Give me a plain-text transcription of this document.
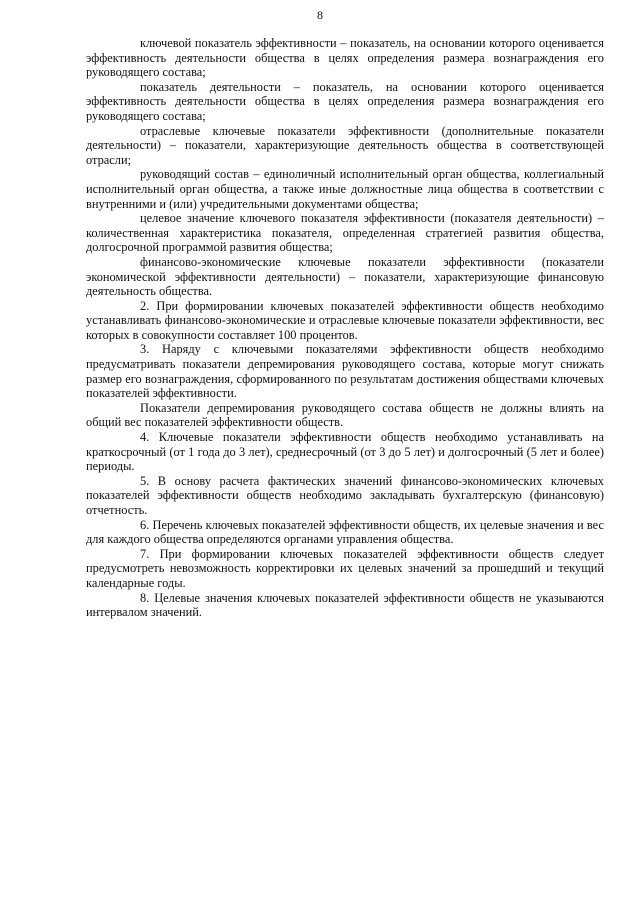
8

ключевой показатель эффективности – показатель, на основании которого оценивается эффективность деятельности общества в целях определения размера вознаграждения его руководящего состава;

показатель деятельности – показатель, на основании которого оценивается эффективность деятельности общества в целях определения размера вознаграждения его руководящего состава;

отраслевые ключевые показатели эффективности (дополнительные показатели деятельности) – показатели, характеризующие деятельность общества в соответствующей отрасли;

руководящий состав – единоличный исполнительный орган общества, коллегиальный исполнительный орган общества, а также иные должностные лица общества в соответствии с внутренними и (или) учредительными документами общества;

целевое значение ключевого показателя эффективности (показателя деятельности) – количественная характеристика показателя, определенная стратегией развития общества, долгосрочной программой развития общества;

финансово-экономические ключевые показатели эффективности (показатели экономической эффективности деятельности) – показатели, характеризующие финансовую деятельность общества.

2. При формировании ключевых показателей эффективности обществ необходимо устанавливать финансово-экономические и отраслевые ключевые показатели эффективности, вес которых в совокупности составляет 100 процентов.

3. Наряду с ключевыми показателями эффективности обществ необходимо предусматривать показатели депремирования руководящего состава, которые могут снижать размер его вознаграждения, сформированного по результатам достижения обществами ключевых показателей эффективности.

Показатели депремирования руководящего состава обществ не должны влиять на общий вес показателей эффективности обществ.

4. Ключевые показатели эффективности обществ необходимо устанавливать на краткосрочный (от 1 года до 3 лет), среднесрочный (от 3 до 5 лет) и долгосрочный (5 лет и более) периоды.

5. В основу расчета фактических значений финансово-экономических ключевых показателей эффективности обществ необходимо закладывать бухгалтерскую (финансовую) отчетность.

6. Перечень ключевых показателей эффективности обществ, их целевые значения и вес для каждого общества определяются органами управления общества.

7. При формировании ключевых показателей эффективности обществ следует предусмотреть невозможность корректировки их целевых значений за прошедший и текущий календарные годы.

8. Целевые значения ключевых показателей эффективности обществ не указываются интервалом значений.
